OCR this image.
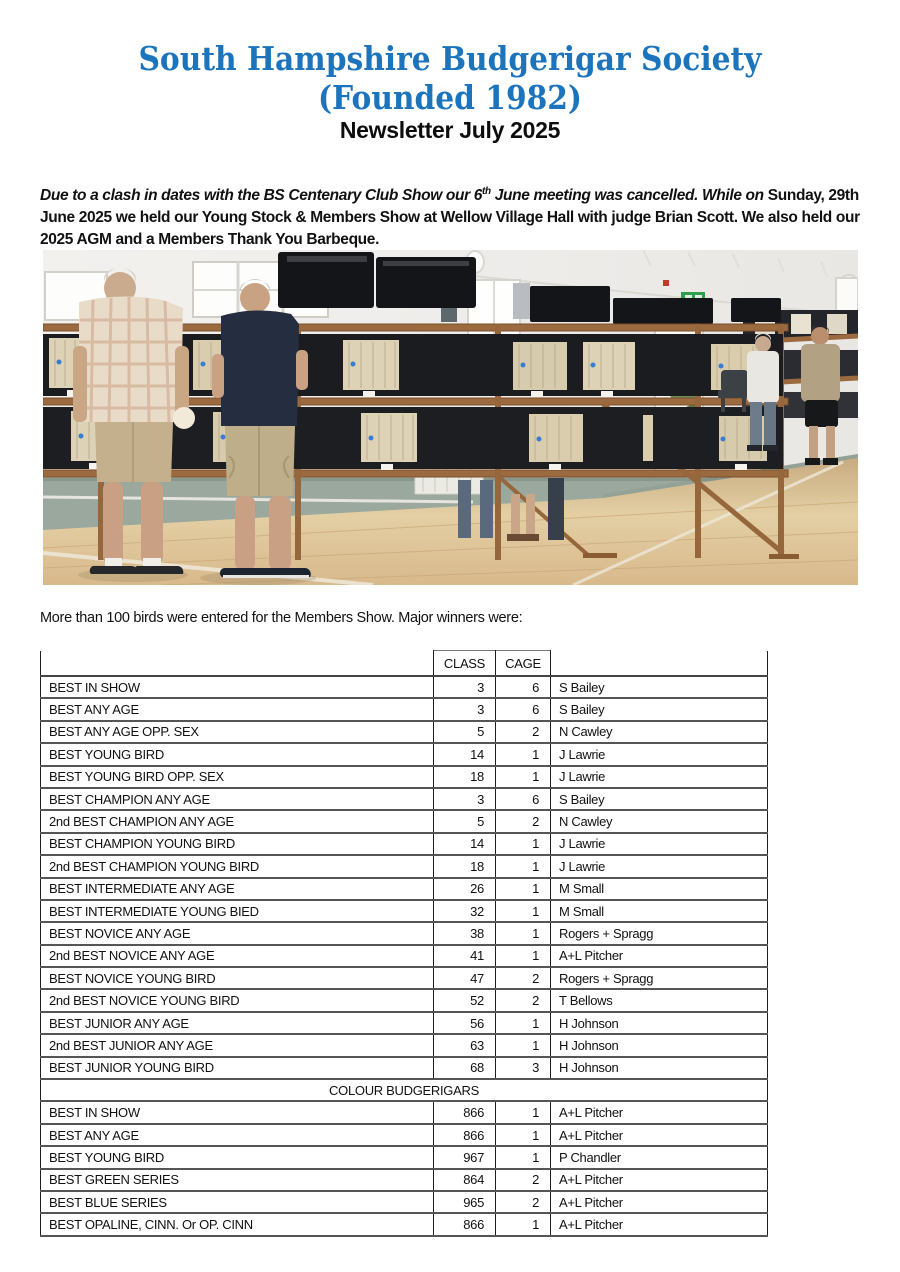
South Hampshire Budgerigar Society
(Founded 1982)
Newsletter July 2025

Due to a clash in dates with the BS Centenary Club Show our 6th June meeting was cancelled. While on Sunday, 29th June 2025 we held our Young Stock & Members Show at Wellow Village Hall with judge Brian Scott. We also held our 2025 AGM and a Members Thank You Barbeque.

More than 100 birds were entered for the Members Show. Major winners were:
	CLASS	CAGE	
BEST IN SHOW	3	6	S Bailey
BEST ANY AGE	3	6	S Bailey
BEST ANY AGE OPP. SEX	5	2	N Cawley
BEST YOUNG BIRD	14	1	J Lawrie
BEST YOUNG BIRD OPP. SEX	18	1	J Lawrie
BEST CHAMPION ANY AGE	3	6	S Bailey
2nd BEST CHAMPION ANY AGE	5	2	N Cawley
BEST CHAMPION YOUNG BIRD	14	1	J Lawrie
2nd BEST CHAMPION YOUNG BIRD	18	1	J Lawrie
BEST INTERMEDIATE ANY AGE	26	1	M Small
BEST INTERMEDIATE YOUNG BIED	32	1	M Small
BEST NOVICE ANY AGE	38	1	Rogers + Spragg
2nd BEST NOVICE ANY AGE	41	1	A+L Pitcher
BEST NOVICE YOUNG BIRD	47	2	Rogers + Spragg
2nd BEST NOVICE YOUNG BIRD	52	2	T Bellows
BEST JUNIOR ANY AGE	56	1	H Johnson
2nd BEST JUNIOR ANY AGE	63	1	H Johnson
BEST JUNIOR YOUNG BIRD	68	3	H Johnson
COLOUR BUDGERIGARS			
BEST IN SHOW	866	1	A+L Pitcher
BEST ANY AGE	866	1	A+L Pitcher
BEST YOUNG BIRD	967	1	P Chandler
BEST GREEN SERIES	864	2	A+L Pitcher
BEST BLUE SERIES	965	2	A+L Pitcher
BEST OPALINE, CINN. Or OP. CINN	866	1	A+L Pitcher
